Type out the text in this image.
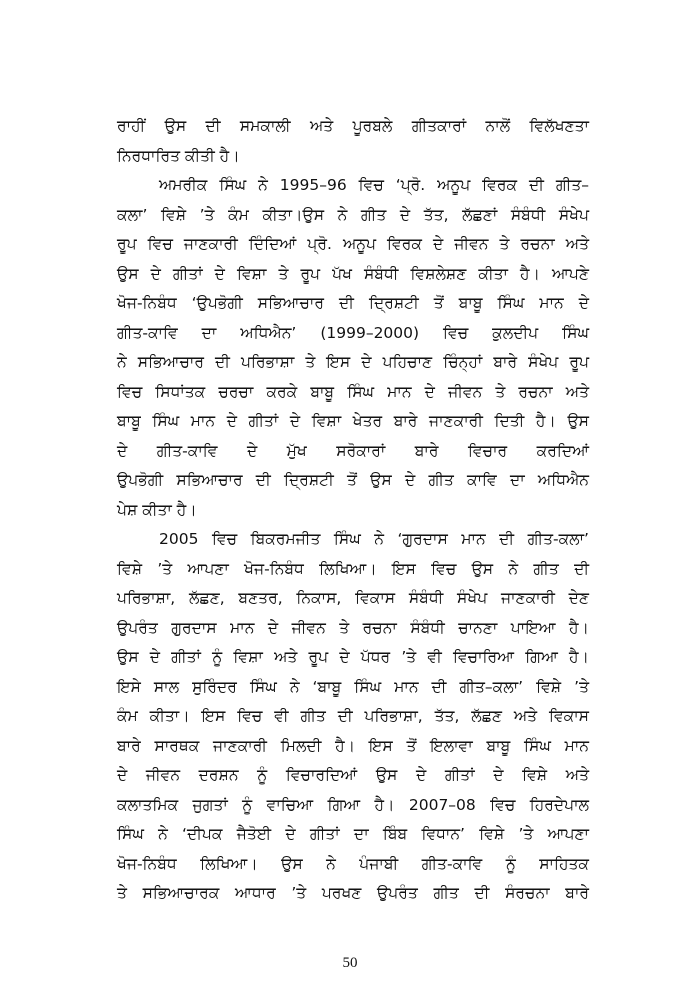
ਰਾਹੀਂ ਉਸ ਦੀ ਸਮਕਾਲੀ ਅਤੇ ਪੂਰਬਲੇ ਗੀਤਕਾਰਾਂ ਨਾਲੋਂ ਵਿਲੱਖਣਤਾ
ਨਿਰਧਾਰਿਤ ਕੀਤੀ ਹੈ।
ਅਮਰੀਕ ਸਿੰਘ ਨੇ 1995–96 ਵਿਚ ‘ਪ੍ਰੋ. ਅਨੂਪ ਵਿਰਕ ਦੀ ਗੀਤ–
ਕਲਾ’ ਵਿਸ਼ੇ ’ਤੇ ਕੰਮ ਕੀਤਾ।ਉਸ ਨੇ ਗੀਤ ਦੇ ਤੱਤ, ਲੱਛਣਾਂ ਸੰਬੰਧੀ ਸੰਖੇਪ
ਰੂਪ ਵਿਚ ਜਾਣਕਾਰੀ ਦਿੰਦਿਆਂ ਪ੍ਰੋ. ਅਨੂਪ ਵਿਰਕ ਦੇ ਜੀਵਨ ਤੇ ਰਚਨਾ ਅਤੇ
ਉਸ ਦੇ ਗੀਤਾਂ ਦੇ ਵਿਸ਼ਾ ਤੇ ਰੂਪ ਪੱਖ ਸੰਬੰਧੀ ਵਿਸ਼ਲੇਸ਼ਣ ਕੀਤਾ ਹੈ। ਆਪਣੇ
ਖੋਜ-ਨਿਬੰਧ ‘ਉਪਭੋਗੀ ਸਭਿਆਚਾਰ ਦੀ ਦ੍ਰਿਸ਼ਟੀ ਤੋਂ ਬਾਬੂ ਸਿੰਘ ਮਾਨ ਦੇ
ਗੀਤ-ਕਾਵਿ ਦਾ ਅਧਿਐਨ’ (1999–2000) ਵਿਚ ਕੁਲਦੀਪ ਸਿੰਘ
ਨੇ ਸਭਿਆਚਾਰ ਦੀ ਪਰਿਭਾਸ਼ਾ ਤੇ ਇਸ ਦੇ ਪਹਿਚਾਣ ਚਿੰਨ੍ਹਾਂ ਬਾਰੇ ਸੰਖੇਪ ਰੂਪ
ਵਿਚ ਸਿਧਾਂਤਕ ਚਰਚਾ ਕਰਕੇ ਬਾਬੂ ਸਿੰਘ ਮਾਨ ਦੇ ਜੀਵਨ ਤੇ ਰਚਨਾ ਅਤੇ
ਬਾਬੂ ਸਿੰਘ ਮਾਨ ਦੇ ਗੀਤਾਂ ਦੇ ਵਿਸ਼ਾ ਖੇਤਰ ਬਾਰੇ ਜਾਣਕਾਰੀ ਦਿਤੀ ਹੈ। ਉਸ
ਦੇ ਗੀਤ-ਕਾਵਿ ਦੇ ਮੁੱਖ ਸਰੋਕਾਰਾਂ ਬਾਰੇ ਵਿਚਾਰ ਕਰਦਿਆਂ
ਉਪਭੋਗੀ ਸਭਿਆਚਾਰ ਦੀ ਦ੍ਰਿਸ਼ਟੀ ਤੋਂ ਉਸ ਦੇ ਗੀਤ ਕਾਵਿ ਦਾ ਅਧਿਐਨ
ਪੇਸ਼ ਕੀਤਾ ਹੈ।
2005 ਵਿਚ ਬਿਕਰਮਜੀਤ ਸਿੰਘ ਨੇ ‘ਗੁਰਦਾਸ ਮਾਨ ਦੀ ਗੀਤ-ਕਲਾ’
ਵਿਸ਼ੇ ’ਤੇ ਆਪਣਾ ਖੋਜ-ਨਿਬੰਧ ਲਿਖਿਆ। ਇਸ ਵਿਚ ਉਸ ਨੇ ਗੀਤ ਦੀ
ਪਰਿਭਾਸ਼ਾ, ਲੱਛਣ, ਬਣਤਰ, ਨਿਕਾਸ, ਵਿਕਾਸ ਸੰਬੰਧੀ ਸੰਖੇਪ ਜਾਣਕਾਰੀ ਦੇਣ
ਉਪਰੰਤ ਗੁਰਦਾਸ ਮਾਨ ਦੇ ਜੀਵਨ ਤੇ ਰਚਨਾ ਸੰਬੰਧੀ ਚਾਨਣਾ ਪਾਇਆ ਹੈ।
ਉਸ ਦੇ ਗੀਤਾਂ ਨੂੰ ਵਿਸ਼ਾ ਅਤੇ ਰੂਪ ਦੇ ਪੱਧਰ ’ਤੇ ਵੀ ਵਿਚਾਰਿਆ ਗਿਆ ਹੈ।
ਇਸੇ ਸਾਲ ਸੁਰਿੰਦਰ ਸਿੰਘ ਨੇ ‘ਬਾਬੂ ਸਿੰਘ ਮਾਨ ਦੀ ਗੀਤ–ਕਲਾ’ ਵਿਸ਼ੇ ’ਤੇ
ਕੰਮ ਕੀਤਾ। ਇਸ ਵਿਚ ਵੀ ਗੀਤ ਦੀ ਪਰਿਭਾਸ਼ਾ, ਤੱਤ, ਲੱਛਣ ਅਤੇ ਵਿਕਾਸ
ਬਾਰੇ ਸਾਰਥਕ ਜਾਣਕਾਰੀ ਮਿਲਦੀ ਹੈ। ਇਸ ਤੋਂ ਇਲਾਵਾ ਬਾਬੂ ਸਿੰਘ ਮਾਨ
ਦੇ ਜੀਵਨ ਦਰਸ਼ਨ ਨੂੰ ਵਿਚਾਰਦਿਆਂ ਉਸ ਦੇ ਗੀਤਾਂ ਦੇ ਵਿਸ਼ੇ ਅਤੇ
ਕਲਾਤਮਿਕ ਜੁਗਤਾਂ ਨੂੰ ਵਾਚਿਆ ਗਿਆ ਹੈ। 2007–08 ਵਿਚ ਹਿਰਦੇਪਾਲ
ਸਿੰਘ ਨੇ ‘ਦੀਪਕ ਜੈਤੋਈ ਦੇ ਗੀਤਾਂ ਦਾ ਬਿੰਬ ਵਿਧਾਨ’ ਵਿਸ਼ੇ ’ਤੇ ਆਪਣਾ
ਖੋਜ-ਨਿਬੰਧ ਲਿਖਿਆ। ਉਸ ਨੇ ਪੰਜਾਬੀ ਗੀਤ-ਕਾਵਿ ਨੂੰ ਸਾਹਿਤਕ
ਤੇ ਸਭਿਆਚਾਰਕ ਆਧਾਰ ’ਤੇ ਪਰਖਣ ਉਪਰੰਤ ਗੀਤ ਦੀ ਸੰਰਚਨਾ ਬਾਰੇ
50
